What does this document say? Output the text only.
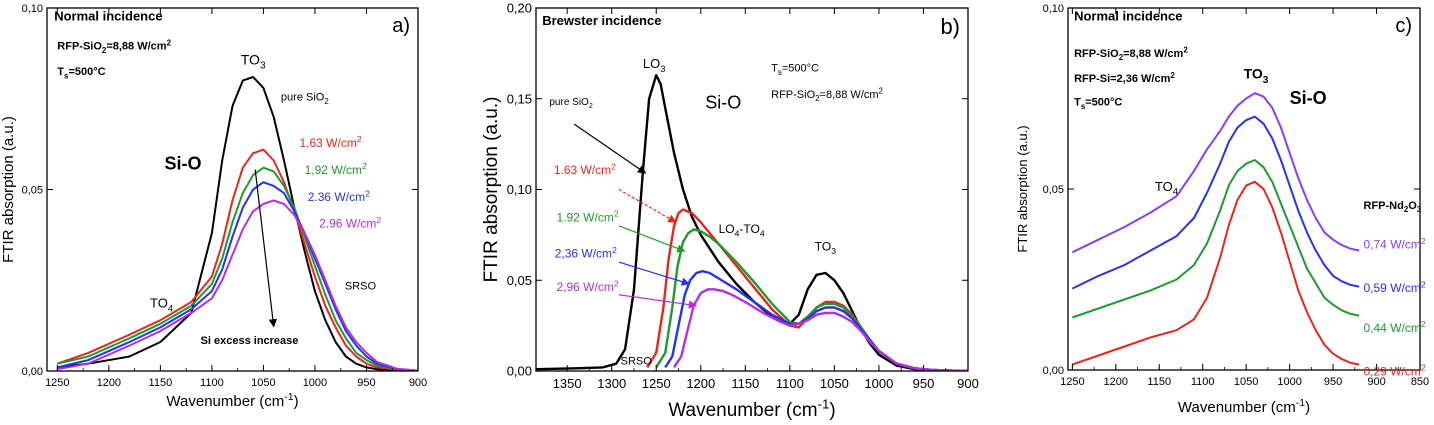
1250 1200 1150	1100 1050 1000	950	900
0,00
0,05
0,10
Wavenumber $(cm^{-1})$
FTIR absorption (a.u.)
a)
Normal incidence
RFP-SiO$_2$=8,88 $W/cm^2$
$T_s=500^\circ C$
$TO_3$
pure SiO$_2$
Si-O
1,63 $W/cm^2$
1,92 $W/cm^2$
2.36 $W/cm^2$
2.96 $W/cm^2$
$TO_4$
SRSO
Si excess increase
1350 1300 1250 1200 1150 1100 1050 1000 950 900
0,00
0,05
0,10
0,15
0,20
Wavenumber $(cm^{-1})$
FTIR absorption (a.u.)
b)
Brewster incidence
$LO_3$	$T_s=500^\circ C$
RFP-SiO$_2$=8,88 $W/cm^2$
pure SiO$_2$	Si-O
1.63 $W/cm^2$
1.92 $W/cm^2$
$LO_4-TO_4$
$TO_3$
2,36 $W/cm^2$
2,96 $W/cm^2$
SRSO
1250 1200 1150 1100 1050 1000 950 900 850
0,00
0,05
0,10
Wavenumber $(cm^{-1})$
FTIR absorption (a.u.)
c)
Normal incidence
RFP-SiO$_2$=8,88 $W/cm^2$
RFP-Si=2,36 $W/cm^2$
$T_s=500^\circ C$
$TO_3$
Si-O
$TO_4$
RFP-$Nd_2O_3$
0,74 $W/cm^2$
0,59 $W/cm^2$
0,44 $W/cm^2$
0,29 $W/cm^2$
